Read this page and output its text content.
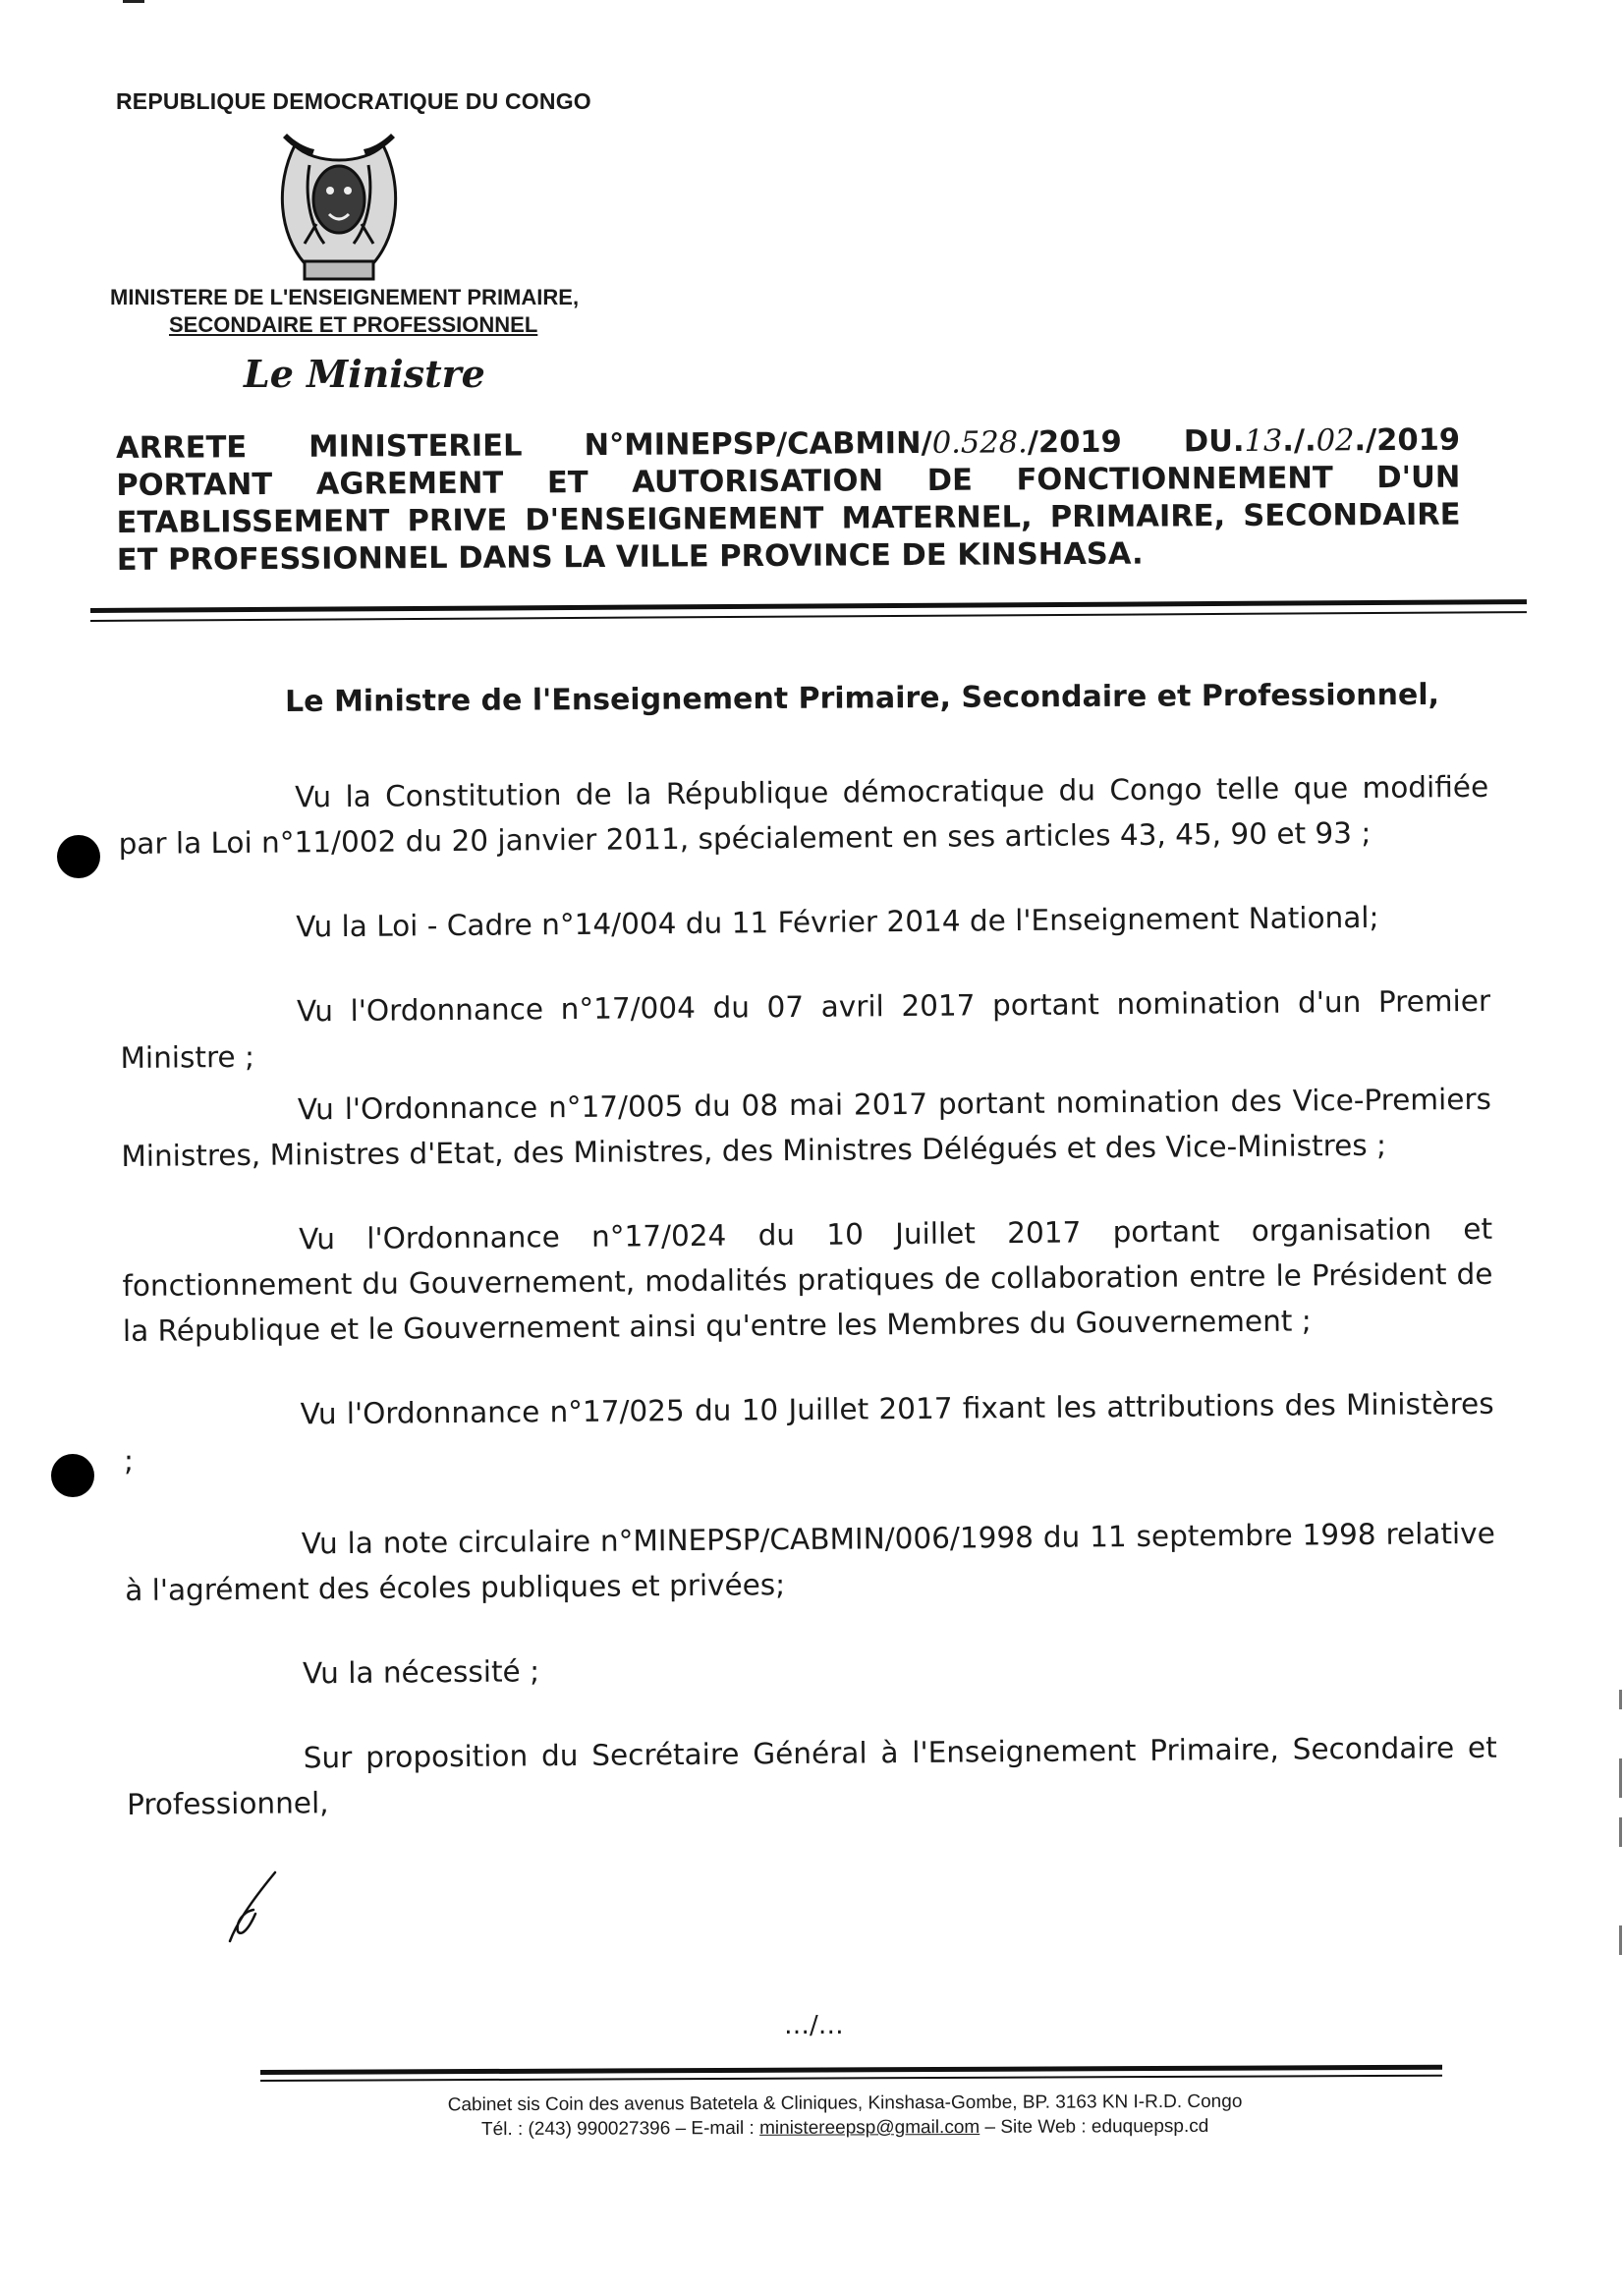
REPUBLIQUE DEMOCRATIQUE DU CONGO
MINISTERE DE L'ENSEIGNEMENT PRIMAIRE,
SECONDAIRE ET PROFESSIONNEL
Le Ministre
ARRETE MINISTERIEL N°MINEPSP/CABMIN/0.528./2019 DU.13./.02./2019
PORTANT AGREMENT ET AUTORISATION DE FONCTIONNEMENT D'UN
ETABLISSEMENT PRIVE D'ENSEIGNEMENT MATERNEL, PRIMAIRE, SECONDAIRE
ET PROFESSIONNEL DANS LA VILLE PROVINCE DE KINSHASA.
Le Ministre de l'Enseignement Primaire, Secondaire et Professionnel,

Vu la Constitution de la République démocratique du Congo telle que modifiée par la Loi n°11/002 du 20 janvier 2011, spécialement en ses articles 43, 45, 90 et 93 ;

Vu la Loi - Cadre n°14/004 du 11 Février 2014 de l'Enseignement National;

Vu l'Ordonnance n°17/004 du 07 avril 2017 portant nomination d'un Premier Ministre ;

Vu l'Ordonnance n°17/005 du 08 mai 2017 portant nomination des Vice-Premiers Ministres, Ministres d'Etat, des Ministres, des Ministres Délégués et des Vice-Ministres ;

Vu l'Ordonnance n°17/024 du 10 Juillet 2017 portant organisation et fonctionnement du Gouvernement, modalités pratiques de collaboration entre le Président de la République et le Gouvernement ainsi qu'entre les Membres du Gouvernement ;

Vu l'Ordonnance n°17/025 du 10 Juillet 2017 fixant les attributions des Ministères ;

Vu la note circulaire n°MINEPSP/CABMIN/006/1998 du 11 septembre 1998 relative à l'agrément des écoles publiques et privées;

Vu la nécessité ;

Sur proposition du Secrétaire Général à l'Enseignement Primaire, Secondaire et Professionnel,

…/…
Cabinet sis Coin des avenus Batetela & Cliniques, Kinshasa-Gombe, BP. 3163 KN I-R.D. Congo
Tél. : (243) 990027396 – E-mail : ministereepsp@gmail.com – Site Web : eduquepsp.cd
